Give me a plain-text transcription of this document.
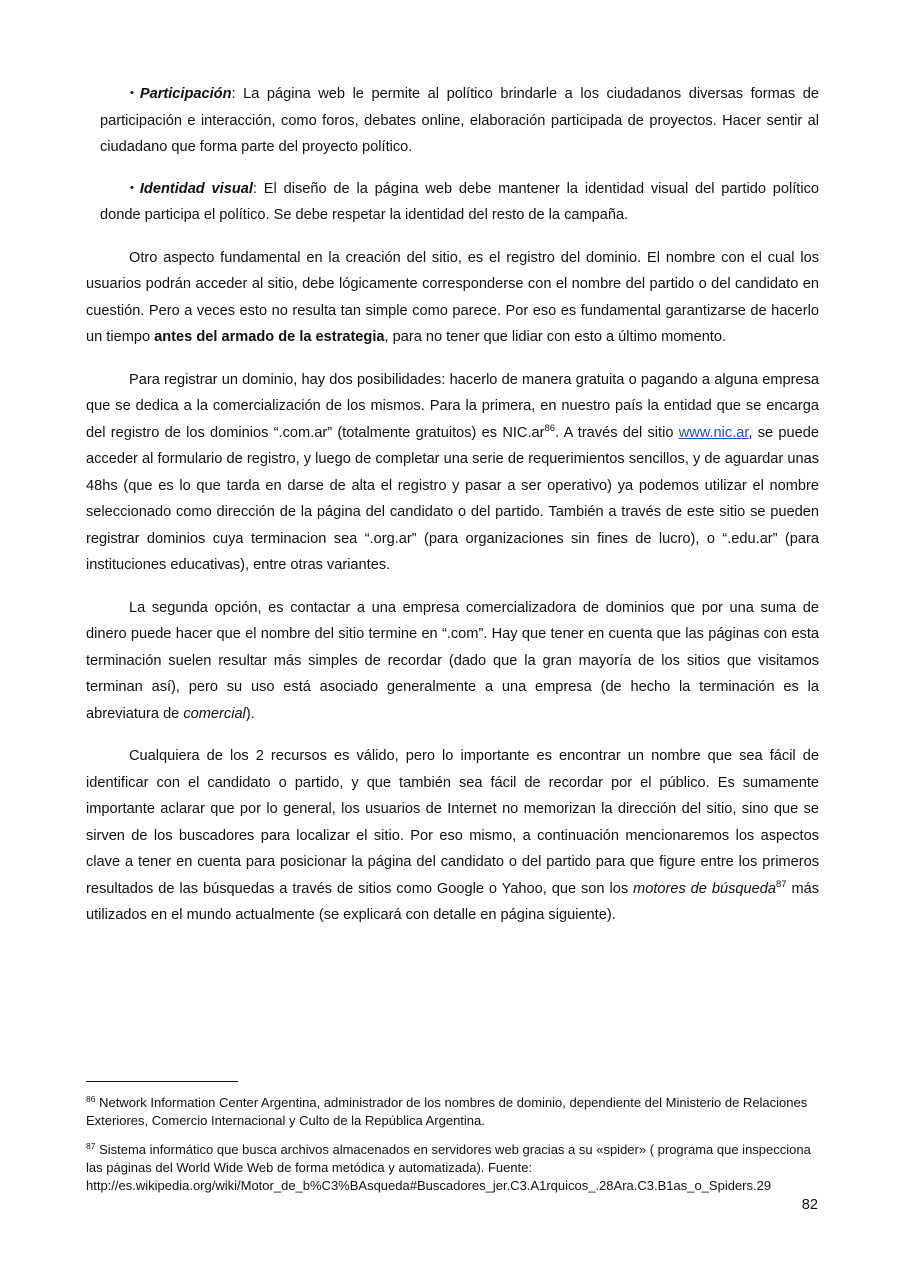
• Participación: La página web le permite al político brindarle a los ciudadanos diversas formas de participación e interacción, como foros, debates online, elaboración participada de proyectos. Hacer sentir al ciudadano que forma parte del proyecto político.

• Identidad visual: El diseño de la página web debe mantener la identidad visual del partido político donde participa el político. Se debe respetar la identidad del resto de la campaña.

Otro aspecto fundamental en la creación del sitio, es el registro del dominio. El nombre con el cual los usuarios podrán acceder al sitio, debe lógicamente corresponderse con el nombre del partido o del candidato en cuestión. Pero a veces esto no resulta tan simple como parece. Por eso es fundamental garantizarse de hacerlo un tiempo antes del armado de la estrategia, para no tener que lidiar con esto a último momento.

Para registrar un dominio, hay dos posibilidades: hacerlo de manera gratuita o pagando a alguna empresa que se dedica a la comercialización de los mismos. Para la primera, en nuestro país la entidad que se encarga del registro de los dominios “.com.ar” (totalmente gratuitos) es $NIC.ar^{86}$. A través del sitio www.nic.ar, se puede acceder al formulario de registro, y luego de completar una serie de requerimientos sencillos, y de aguardar unas 48hs (que es lo que tarda en darse de alta el registro y pasar a ser operativo) ya podemos utilizar el nombre seleccionado como dirección de la página del candidato o del partido. También a través de este sitio se pueden registrar dominios cuya terminacion sea “.org.ar” (para organizaciones sin fines de lucro), o “.edu.ar” (para instituciones educativas), entre otras variantes.

La segunda opción, es contactar a una empresa comercializadora de dominios que por una suma de dinero puede hacer que el nombre del sitio termine en “.com”. Hay que tener en cuenta que las páginas con esta terminación suelen resultar más simples de recordar (dado que la gran mayoría de los sitios que visitamos terminan así), pero su uso está asociado generalmente a una empresa (de hecho la terminación es la abreviatura de comercial).

Cualquiera de los 2 recursos es válido, pero lo importante es encontrar un nombre que sea fácil de identificar con el candidato o partido, y que también sea fácil de recordar por el público. Es sumamente importante aclarar que por lo general, los usuarios de Internet no memorizan la dirección del sitio, sino que se sirven de los buscadores para localizar el sitio. Por eso mismo, a continuación mencionaremos los aspectos clave a tener en cuenta para posicionar la página del candidato o del partido para que figure entre los primeros resultados de las búsquedas a través de sitios como Google o Yahoo, que son los motores de búsqueda$^{87}$ más utilizados en el mundo actualmente (se explicará con detalle en página siguiente).

$^{86}$ Network Information Center Argentina, administrador de los nombres de dominio, dependiente del Ministerio de Relaciones Exteriores, Comercio Internacional y Culto de la República Argentina.

$^{87}$ Sistema informático que busca archivos almacenados en servidores web gracias a su «spider» ( programa que inspecciona las páginas del World Wide Web de forma metódica y automatizada). Fuente: http://es.wikipedia.org/wiki/Motor_de_b%C3%BAsqueda#Buscadores_jer.C3.A1rquicos_.28Ara.C3.B1as_o_Spiders.29

82
